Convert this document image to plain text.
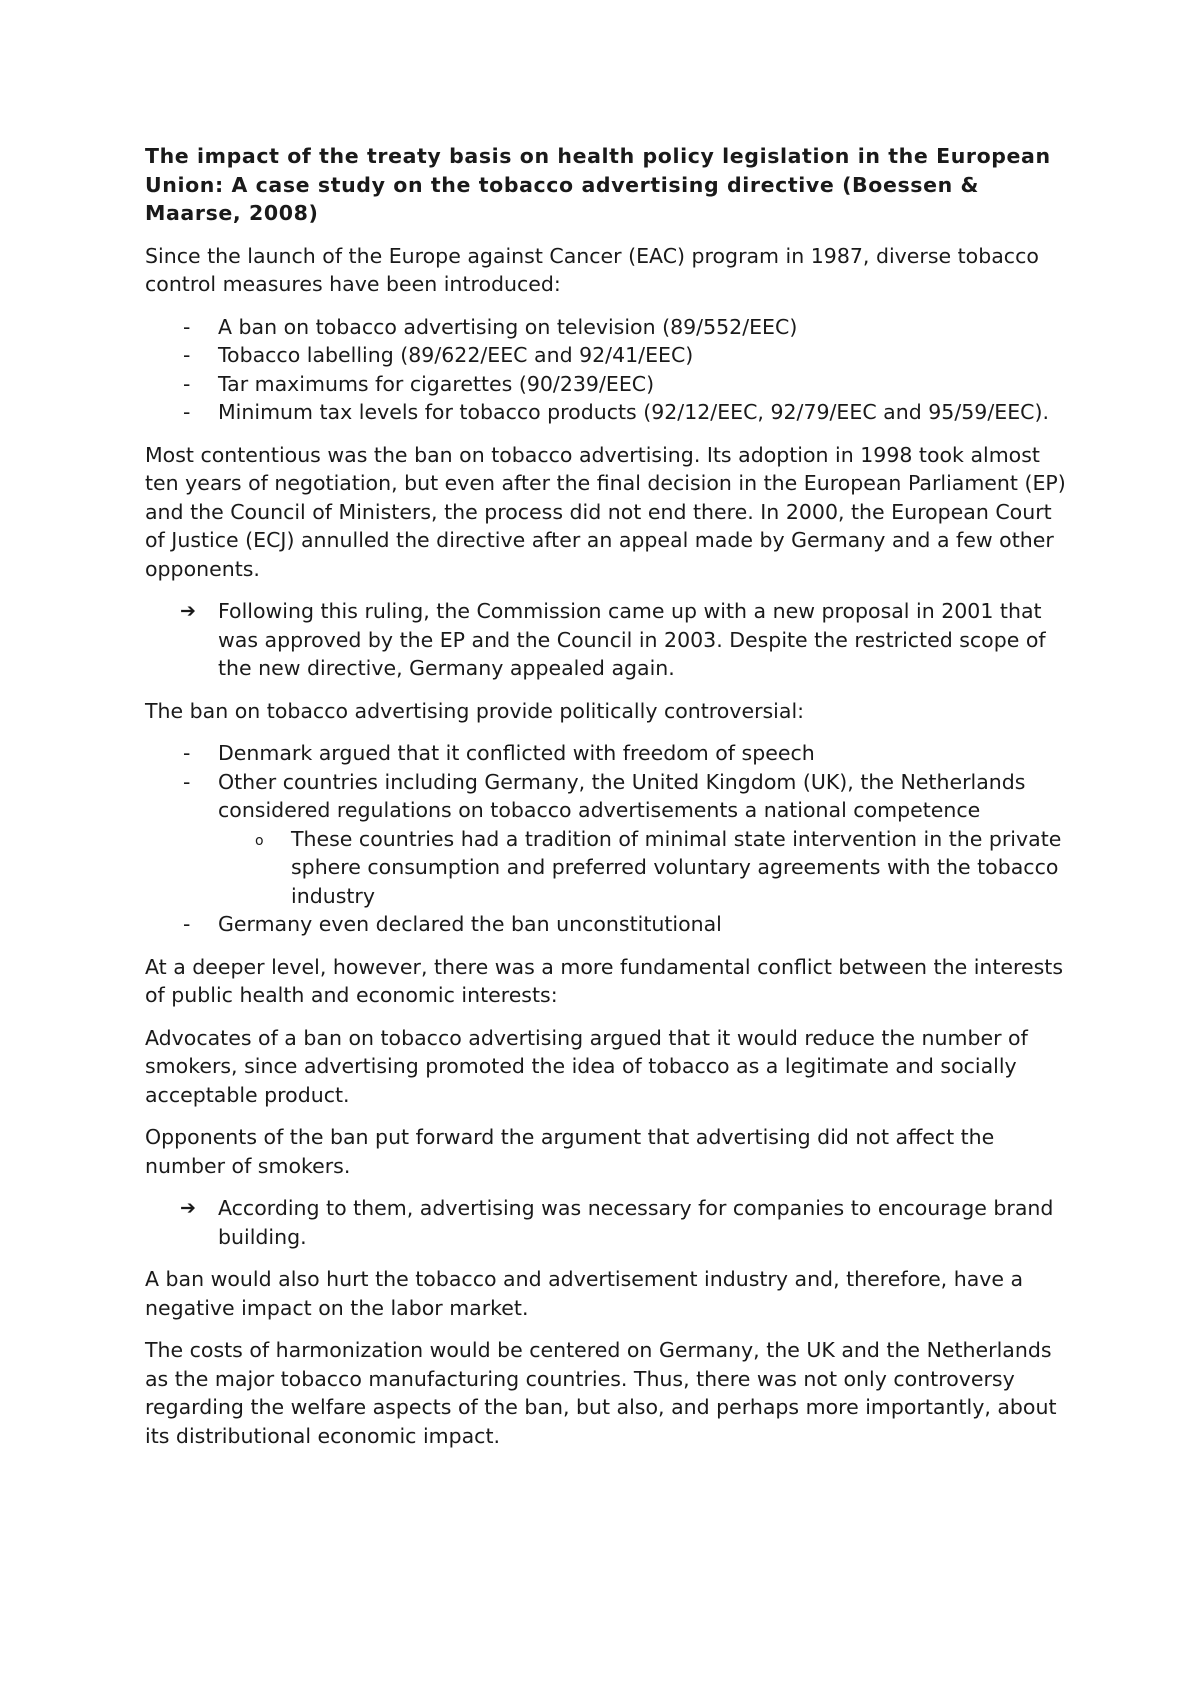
The impact of the treaty basis on health policy legislation in the European Union: A case study on the tobacco advertising directive (Boessen & Maarse, 2008)

Since the launch of the Europe against Cancer (EAC) program in 1987, diverse tobacco control measures have been introduced:

- A ban on tobacco advertising on television (89/552/EEC)
- Tobacco labelling (89/622/EEC and 92/41/EEC)
- Tar maximums for cigarettes (90/239/EEC)
- Minimum tax levels for tobacco products (92/12/EEC, 92/79/EEC and 95/59/EEC).

Most contentious was the ban on tobacco advertising. Its adoption in 1998 took almost ten years of negotiation, but even after the final decision in the European Parliament (EP) and the Council of Ministers, the process did not end there. In 2000, the European Court of Justice (ECJ) annulled the directive after an appeal made by Germany and a few other opponents.

➔ Following this ruling, the Commission came up with a new proposal in 2001 that was approved by the EP and the Council in 2003. Despite the restricted scope of the new directive, Germany appealed again.

The ban on tobacco advertising provide politically controversial:

- Denmark argued that it conflicted with freedom of speech
- Other countries including Germany, the United Kingdom (UK), the Netherlands considered regulations on tobacco advertisements a national competence
o These countries had a tradition of minimal state intervention in the private sphere consumption and preferred voluntary agreements with the tobacco industry
- Germany even declared the ban unconstitutional

At a deeper level, however, there was a more fundamental conflict between the interests of public health and economic interests:

Advocates of a ban on tobacco advertising argued that it would reduce the number of smokers, since advertising promoted the idea of tobacco as a legitimate and socially acceptable product.

Opponents of the ban put forward the argument that advertising did not affect the number of smokers.

➔ According to them, advertising was necessary for companies to encourage brand building.

A ban would also hurt the tobacco and advertisement industry and, therefore, have a negative impact on the labor market.

The costs of harmonization would be centered on Germany, the UK and the Netherlands as the major tobacco manufacturing countries. Thus, there was not only controversy regarding the welfare aspects of the ban, but also, and perhaps more importantly, about its distributional economic impact.
